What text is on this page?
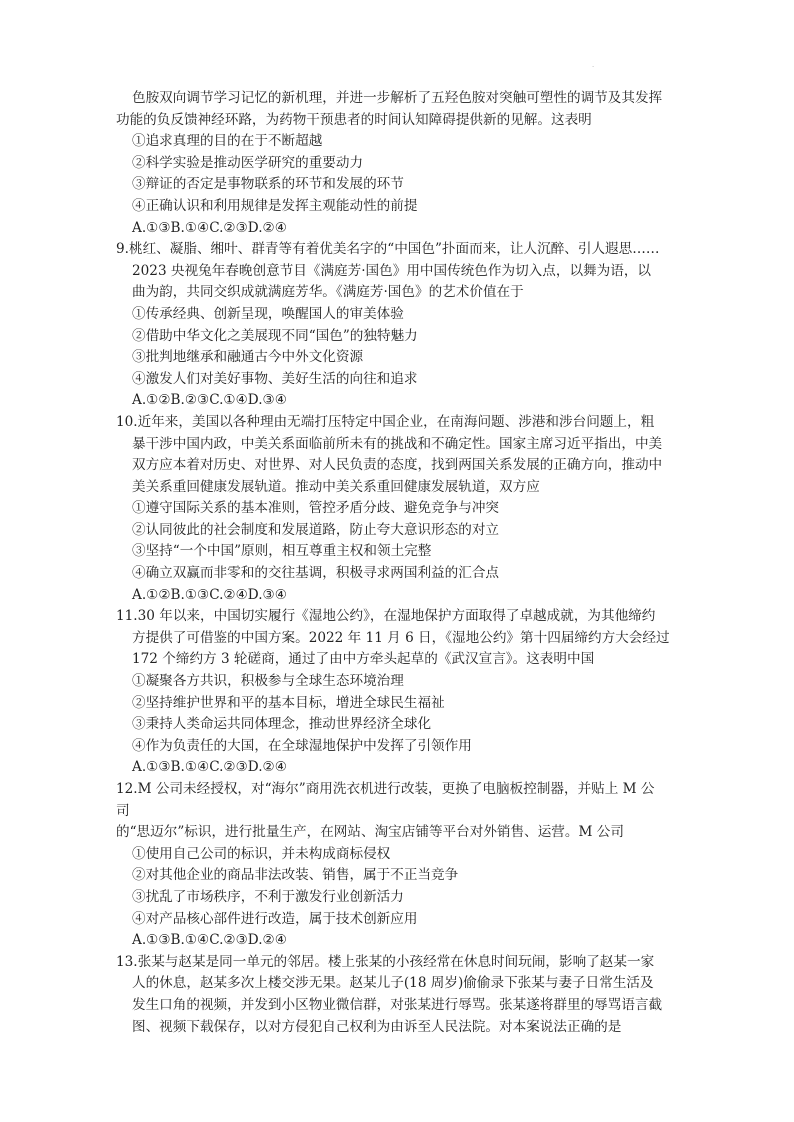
·
色胺双向调节学习记忆的新机理，并进一步解析了五羟色胺对突触可塑性的调节及其发挥
功能的负反馈神经环路，为药物干预患者的时间认知障碍提供新的见解。这表明
①追求真理的目的在于不断超越
②科学实验是推动医学研究的重要动力
③辩证的否定是事物联系的环节和发展的环节
④正确认识和利用规律是发挥主观能动性的前提
A.①③B.①④C.②③D.②④
9.桃红、凝脂、缃叶、群青等有着优美名字的“中国色”扑面而来，让人沉醉、引人遐思……
2023 央视兔年春晚创意节目《满庭芳·国色》用中国传统色作为切入点，以舞为语，以
曲为韵，共同交织成就满庭芳华。《满庭芳·国色》的艺术价值在于
①传承经典、创新呈现，唤醒国人的审美体验
②借助中华文化之美展现不同“国色”的独特魅力
③批判地继承和融通古今中外文化资源
④激发人们对美好事物、美好生活的向往和追求
A.①②B.②③C.①④D.③④
10.近年来，美国以各种理由无端打压特定中国企业，在南海问题、涉港和涉台问题上，粗
暴干涉中国内政，中美关系面临前所未有的挑战和不确定性。国家主席习近平指出，中美
双方应本着对历史、对世界、对人民负责的态度，找到两国关系发展的正确方向，推动中
美关系重回健康发展轨道。推动中美关系重回健康发展轨道，双方应
①遵守国际关系的基本准则，管控矛盾分歧、避免竞争与冲突
②认同彼此的社会制度和发展道路，防止夸大意识形态的对立
③坚持“一个中国”原则，相互尊重主权和领土完整
④确立双赢而非零和的交往基调，积极寻求两国利益的汇合点
A.①②B.①③C.②④D.③④
11.30 年以来，中国切实履行《湿地公约》，在湿地保护方面取得了卓越成就，为其他缔约
方提供了可借鉴的中国方案。2022 年 11 月 6 日，《湿地公约》第十四届缔约方大会经过
172 个缔约方 3 轮磋商，通过了由中方牵头起草的《武汉宣言》。这表明中国
①凝聚各方共识，积极参与全球生态环境治理
②坚持维护世界和平的基本目标，增进全球民生福祉
③秉持人类命运共同体理念，推动世界经济全球化
④作为负责任的大国，在全球湿地保护中发挥了引领作用
A.①③B.①④C.②③D.②④
12.M 公司未经授权，对“海尔”商用洗衣机进行改装，更换了电脑板控制器，并贴上 M 公
司
的“思迈尔”标识，进行批量生产，在网站、淘宝店铺等平台对外销售、运营。M 公司
①使用自己公司的标识，并未构成商标侵权
②对其他企业的商品非法改装、销售，属于不正当竞争
③扰乱了市场秩序，不利于激发行业创新活力
④对产品核心部件进行改造，属于技术创新应用
A.①③B.①④C.②③D.②④
13.张某与赵某是同一单元的邻居。楼上张某的小孩经常在休息时间玩闹，影响了赵某一家
人的休息，赵某多次上楼交涉无果。赵某儿子(18 周岁)偷偷录下张某与妻子日常生活及
发生口角的视频，并发到小区物业微信群，对张某进行辱骂。张某遂将群里的辱骂语言截
图、视频下载保存，以对方侵犯自己权利为由诉至人民法院。对本案说法正确的是
